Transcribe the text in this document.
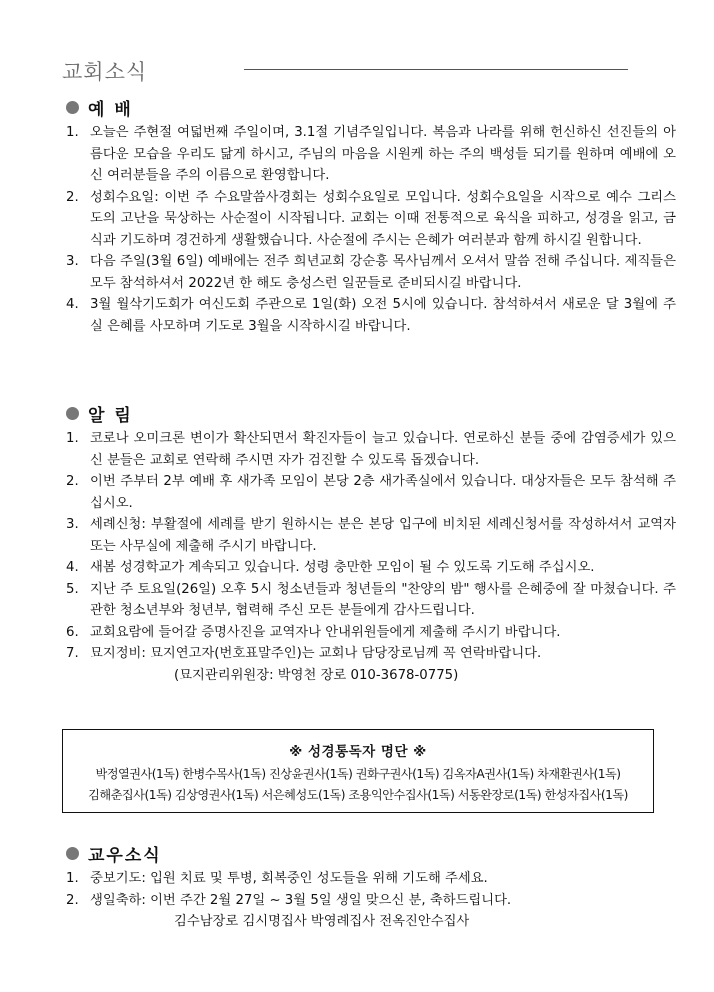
교회소식
예 배
1. 오늘은 주현절 여덟번째 주일이며, 3.1절 기념주일입니다. 복음과 나라를 위해 헌신하신 선진들의 아름다운 모습을 우리도 닮게 하시고, 주님의 마음을 시원케 하는 주의 백성들 되기를 원하며 예배에 오신 여러분들을 주의 이름으로 환영합니다.
2. 성회수요일: 이번 주 수요말씀사경회는 성회수요일로 모입니다. 성회수요일을 시작으로 예수 그리스도의 고난을 묵상하는 사순절이 시작됩니다. 교회는 이때 전통적으로 육식을 피하고, 성경을 읽고, 금식과 기도하며 경건하게 생활했습니다. 사순절에 주시는 은혜가 여러분과 함께 하시길 원합니다.
3. 다음 주일(3월 6일) 예배에는 전주 희년교회 강순흥 목사님께서 오셔서 말씀 전해 주십니다. 제직들은 모두 참석하셔서 2022년 한 해도 충성스런 일꾼들로 준비되시길 바랍니다.
4. 3월 월삭기도회가 여신도회 주관으로 1일(화) 오전 5시에 있습니다. 참석하셔서 새로운 달 3월에 주실 은혜를 사모하며 기도로 3월을 시작하시길 바랍니다.
알 림
1. 코로나 오미크론 변이가 확산되면서 확진자들이 늘고 있습니다. 연로하신 분들 중에 감염증세가 있으신 분들은 교회로 연락해 주시면 자가 검진할 수 있도록 돕겠습니다.
2. 이번 주부터 2부 예배 후 새가족 모임이 본당 2층 새가족실에서 있습니다. 대상자들은 모두 참석해 주십시오.
3. 세례신청: 부활절에 세례를 받기 원하시는 분은 본당 입구에 비치된 세례신청서를 작성하셔서 교역자 또는 사무실에 제출해 주시기 바랍니다.
4. 새봄 성경학교가 계속되고 있습니다. 성령 충만한 모임이 될 수 있도록 기도해 주십시오.
5. 지난 주 토요일(26일) 오후 5시 청소년들과 청년들의 "찬양의 밤" 행사를 은혜중에 잘 마쳤습니다. 주관한 청소년부와 청년부, 협력해 주신 모든 분들에게 감사드립니다.
6. 교회요람에 들어갈 증명사진을 교역자나 안내위원들에게 제출해 주시기 바랍니다.
7. 묘지정비: 묘지연고자(번호표말주인)는 교회나 담당장로님께 꼭 연락바랍니다.
(묘지관리위원장: 박영천 장로 010-3678-0775)
※ 성경통독자 명단 ※
박정열권사(1독) 한병수목사(1독) 진상윤권사(1독) 권화구권사(1독) 김옥자A권사(1독) 차재환권사(1독)
김해춘집사(1독) 김상영권사(1독) 서은혜성도(1독) 조용익안수집사(1독) 서동완장로(1독) 한성자집사(1독)
교우소식
1. 중보기도: 입원 치료 및 투병, 회복중인 성도들을 위해 기도해 주세요.
2. 생일축하: 이번 주간 2월 27일 ~ 3월 5일 생일 맞으신 분, 축하드립니다.
김수남장로 김시명집사 박영례집사 전옥진안수집사
